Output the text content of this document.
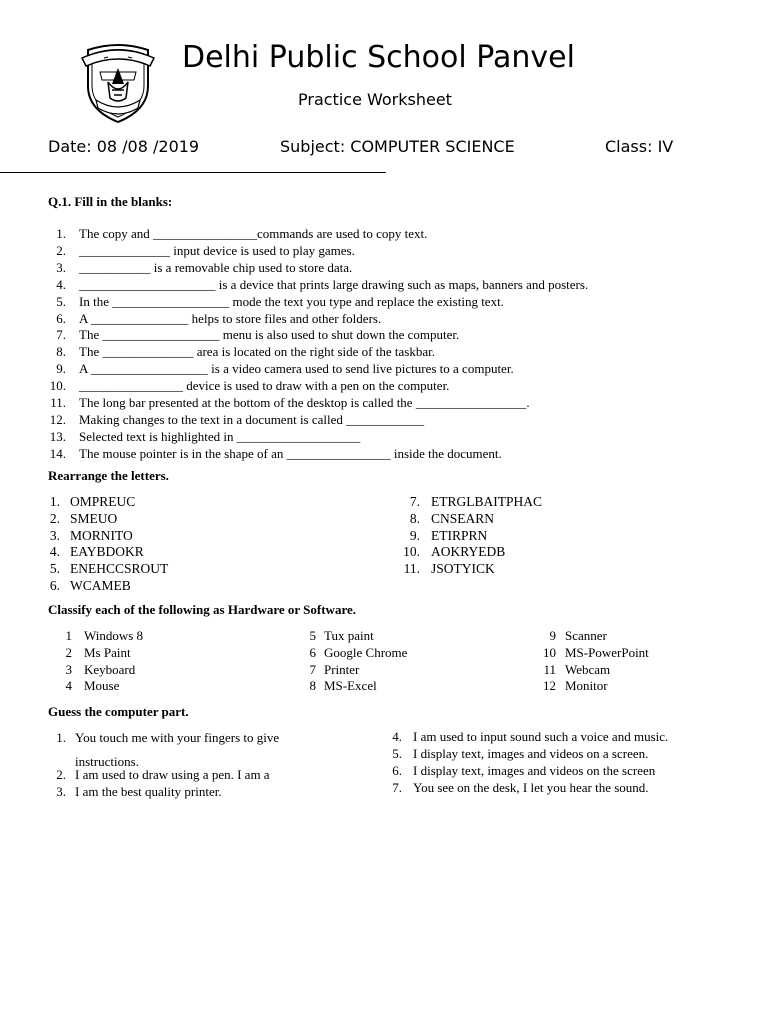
Delhi Public School Panvel
Practice Worksheet
Date: 08 /08 /2019	Subject: COMPUTER SCIENCE	Class: IV
Q.1. Fill in the blanks:
1. The copy and ________________commands are used to copy text.
2. ______________ input device is used to play games.
3. ___________ is a removable chip used to store data.
4. _____________________ is a device that prints large drawing such as maps, banners and posters.
5. In the __________________ mode the text you type and replace the existing text.
6. A _______________ helps to store files and other folders.
7. The __________________ menu is also used to shut down the computer.
8. The ______________ area is located on the right side of the taskbar.
9. A __________________ is a video camera used to send live pictures to a computer.
10. ________________ device is used to draw with a pen on the computer.
11. The long bar presented at the bottom of the desktop is called the _________________.
12. Making changes to the text in a document is called ____________
13. Selected text is highlighted in ___________________
14. The mouse pointer is in the shape of an ________________ inside the document.
Rearrange the letters.
1. OMPREUC
2. SMEUO
3. MORNITO
4. EAYBDOKR
5. ENEHCCSROUT
6. WCAMEB
7. ETRGLBAITPHAC
8. CNSEARN
9. ETIRPRN
10. AOKRYEDB
11. JSOTYICK
Classify each of the following as Hardware or Software.
1 Windows 8
2 Ms Paint
3 Keyboard
4 Mouse
5 Tux paint
6 Google Chrome
7 Printer
8 MS-Excel
9 Scanner
10 MS-PowerPoint
11 Webcam
12 Monitor
Guess the computer part.
1. You touch me with your fingers to give
instructions.
2. I am used to draw using a pen. I am a
3. I am the best quality printer.
4. I am used to input sound such a voice and music.
5. I display text, images and videos on a screen.
6. I display text, images and videos on the screen
7. You see on the desk, I let you hear the sound.
